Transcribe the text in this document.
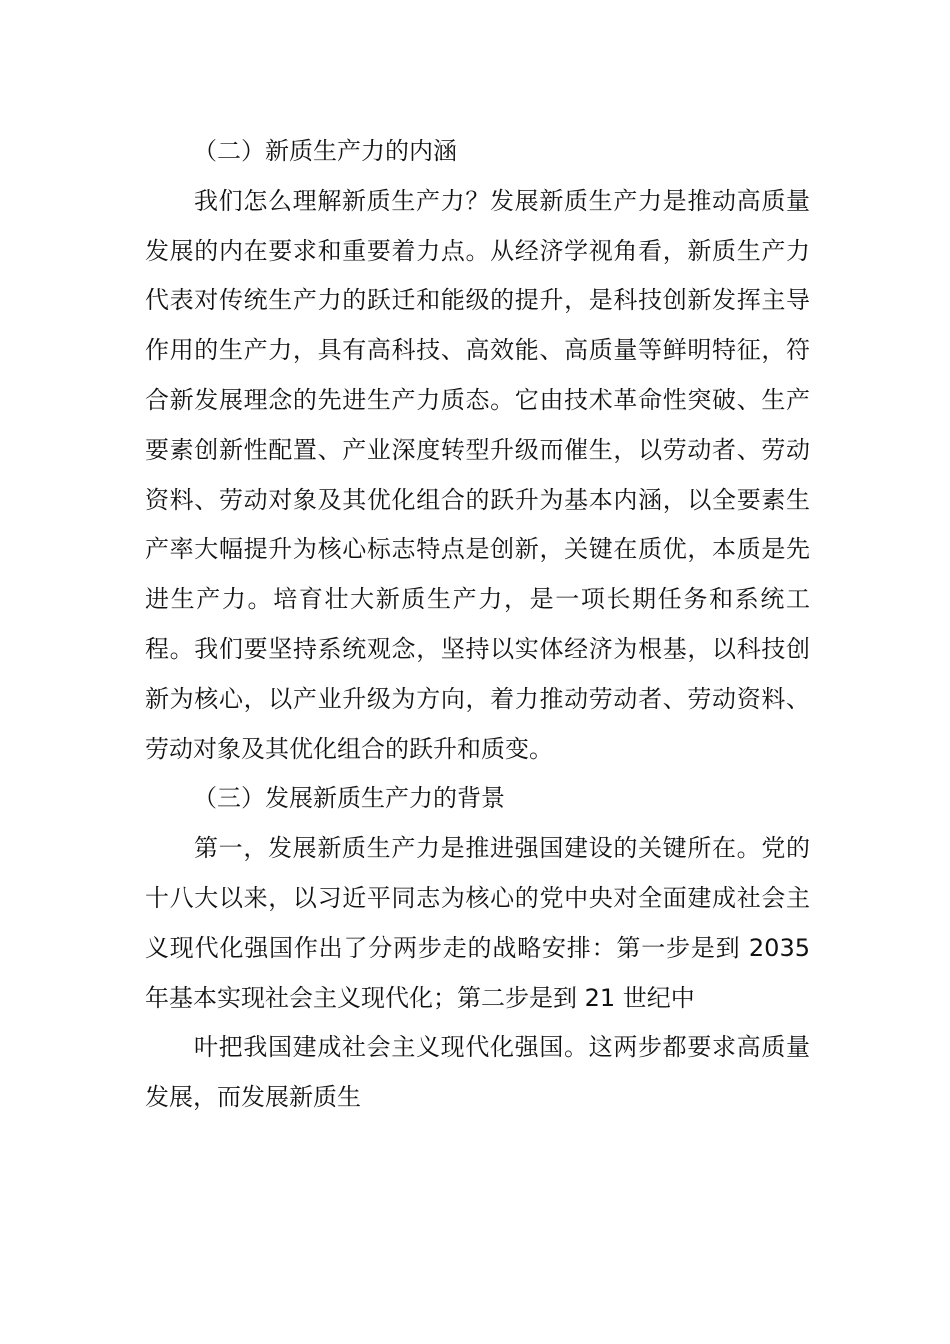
（二）新质生产力的内涵

我们怎么理解新质生产力？发展新质生产力是推动高质量发展的内在要求和重要着力点。从经济学视角看，新质生产力代表对传统生产力的跃迁和能级的提升，是科技创新发挥主导作用的生产力，具有高科技、高效能、高质量等鲜明特征，符合新发展理念的先进生产力质态。它由技术革命性突破、生产要素创新性配置、产业深度转型升级而催生，以劳动者、劳动资料、劳动对象及其优化组合的跃升为基本内涵，以全要素生产率大幅提升为核心标志特点是创新，关键在质优，本质是先进生产力。培育壮大新质生产力，是一项长期任务和系统工程。我们要坚持系统观念，坚持以实体经济为根基，以科技创新为核心，以产业升级为方向，着力推动劳动者、劳动资料、劳动对象及其优化组合的跃升和质变。

（三）发展新质生产力的背景

第一，发展新质生产力是推进强国建设的关键所在。党的十八大以来，以习近平同志为核心的党中央对全面建成社会主义现代化强国作出了分两步走的战略安排：第一步是到 2035 年基本实现社会主义现代化；第二步是到 21 世纪中

叶把我国建成社会主义现代化强国。这两步都要求高质量发展，而发展新质生
